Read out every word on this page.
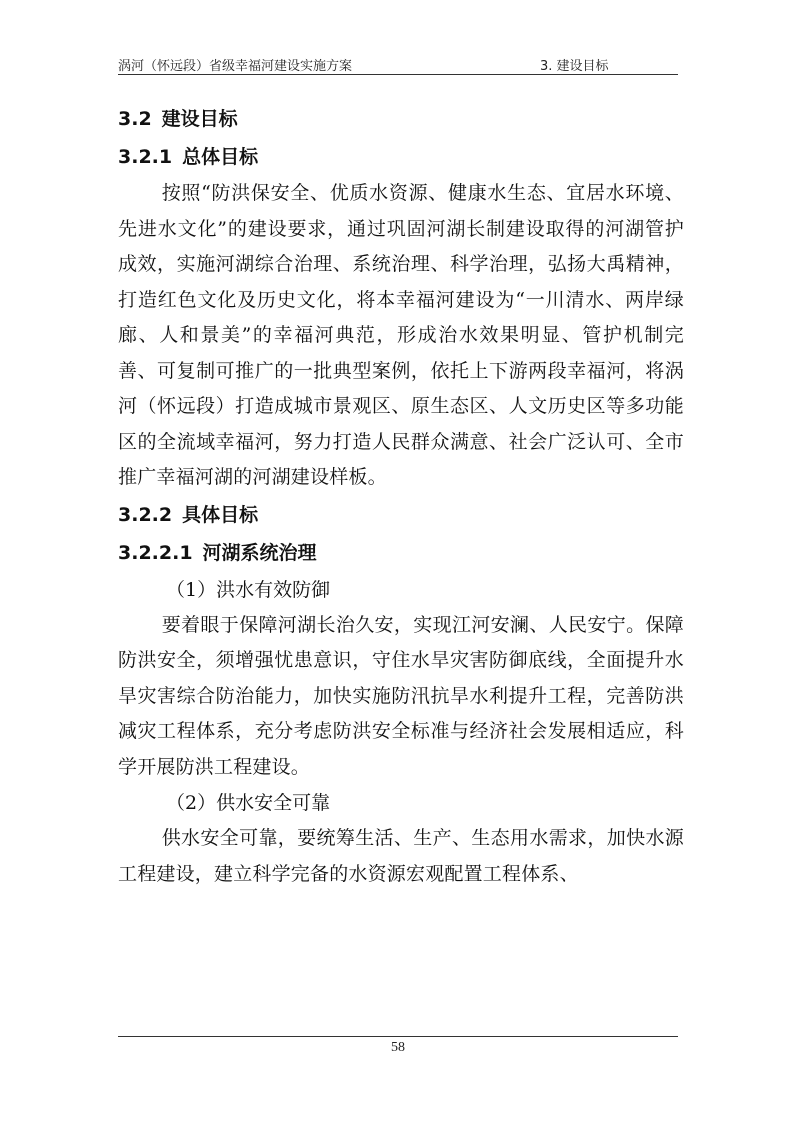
涡河（怀远段）省级幸福河建设实施方案	3. 建设目标
3.2 建设目标
3.2.1 总体目标

按照“防洪保安全、优质水资源、健康水生态、宜居水环境、先进水文化”的建设要求，通过巩固河湖长制建设取得的河湖管护成效，实施河湖综合治理、系统治理、科学治理，弘扬大禹精神，打造红色文化及历史文化，将本幸福河建设为“一川清水、两岸绿廊、人和景美”的幸福河典范，形成治水效果明显、管护机制完善、可复制可推广的一批典型案例，依托上下游两段幸福河，将涡河（怀远段）打造成城市景观区、原生态区、人文历史区等多功能区的全流域幸福河，努力打造人民群众满意、社会广泛认可、全市推广幸福河湖的河湖建设样板。

3.2.2 具体目标
3.2.2.1 河湖系统治理

（1）洪水有效防御

要着眼于保障河湖长治久安，实现江河安澜、人民安宁。保障防洪安全，须增强忧患意识，守住水旱灾害防御底线，全面提升水旱灾害综合防治能力，加快实施防汛抗旱水利提升工程，完善防洪减灾工程体系，充分考虑防洪安全标准与经济社会发展相适应，科学开展防洪工程建设。

（2）供水安全可靠

供水安全可靠，要统筹生活、生产、生态用水需求，加快水源工程建设，建立科学完备的水资源宏观配置工程体系、

58
